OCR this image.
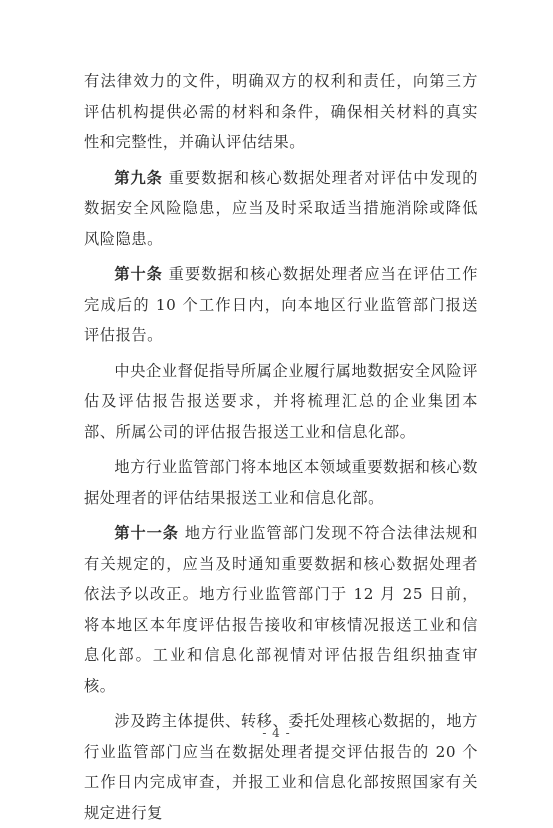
有法律效力的文件，明确双方的权利和责任，向第三方评估机构提供必需的材料和条件，确保相关材料的真实性和完整性，并确认评估结果。

第九条 重要数据和核心数据处理者对评估中发现的数据安全风险隐患，应当及时采取适当措施消除或降低风险隐患。

第十条 重要数据和核心数据处理者应当在评估工作完成后的 10 个工作日内，向本地区行业监管部门报送评估报告。

中央企业督促指导所属企业履行属地数据安全风险评估及评估报告报送要求，并将梳理汇总的企业集团本部、所属公司的评估报告报送工业和信息化部。

地方行业监管部门将本地区本领域重要数据和核心数据处理者的评估结果报送工业和信息化部。

第十一条 地方行业监管部门发现不符合法律法规和有关规定的，应当及时通知重要数据和核心数据处理者依法予以改正。地方行业监管部门于 12 月 25 日前，将本地区本年度评估报告接收和审核情况报送工业和信息化部。工业和信息化部视情对评估报告组织抽查审核。

涉及跨主体提供、转移、委托处理核心数据的，地方行业监管部门应当在数据处理者提交评估报告的 20 个工作日内完成审查，并报工业和信息化部按照国家有关规定进行复

- 4 -
